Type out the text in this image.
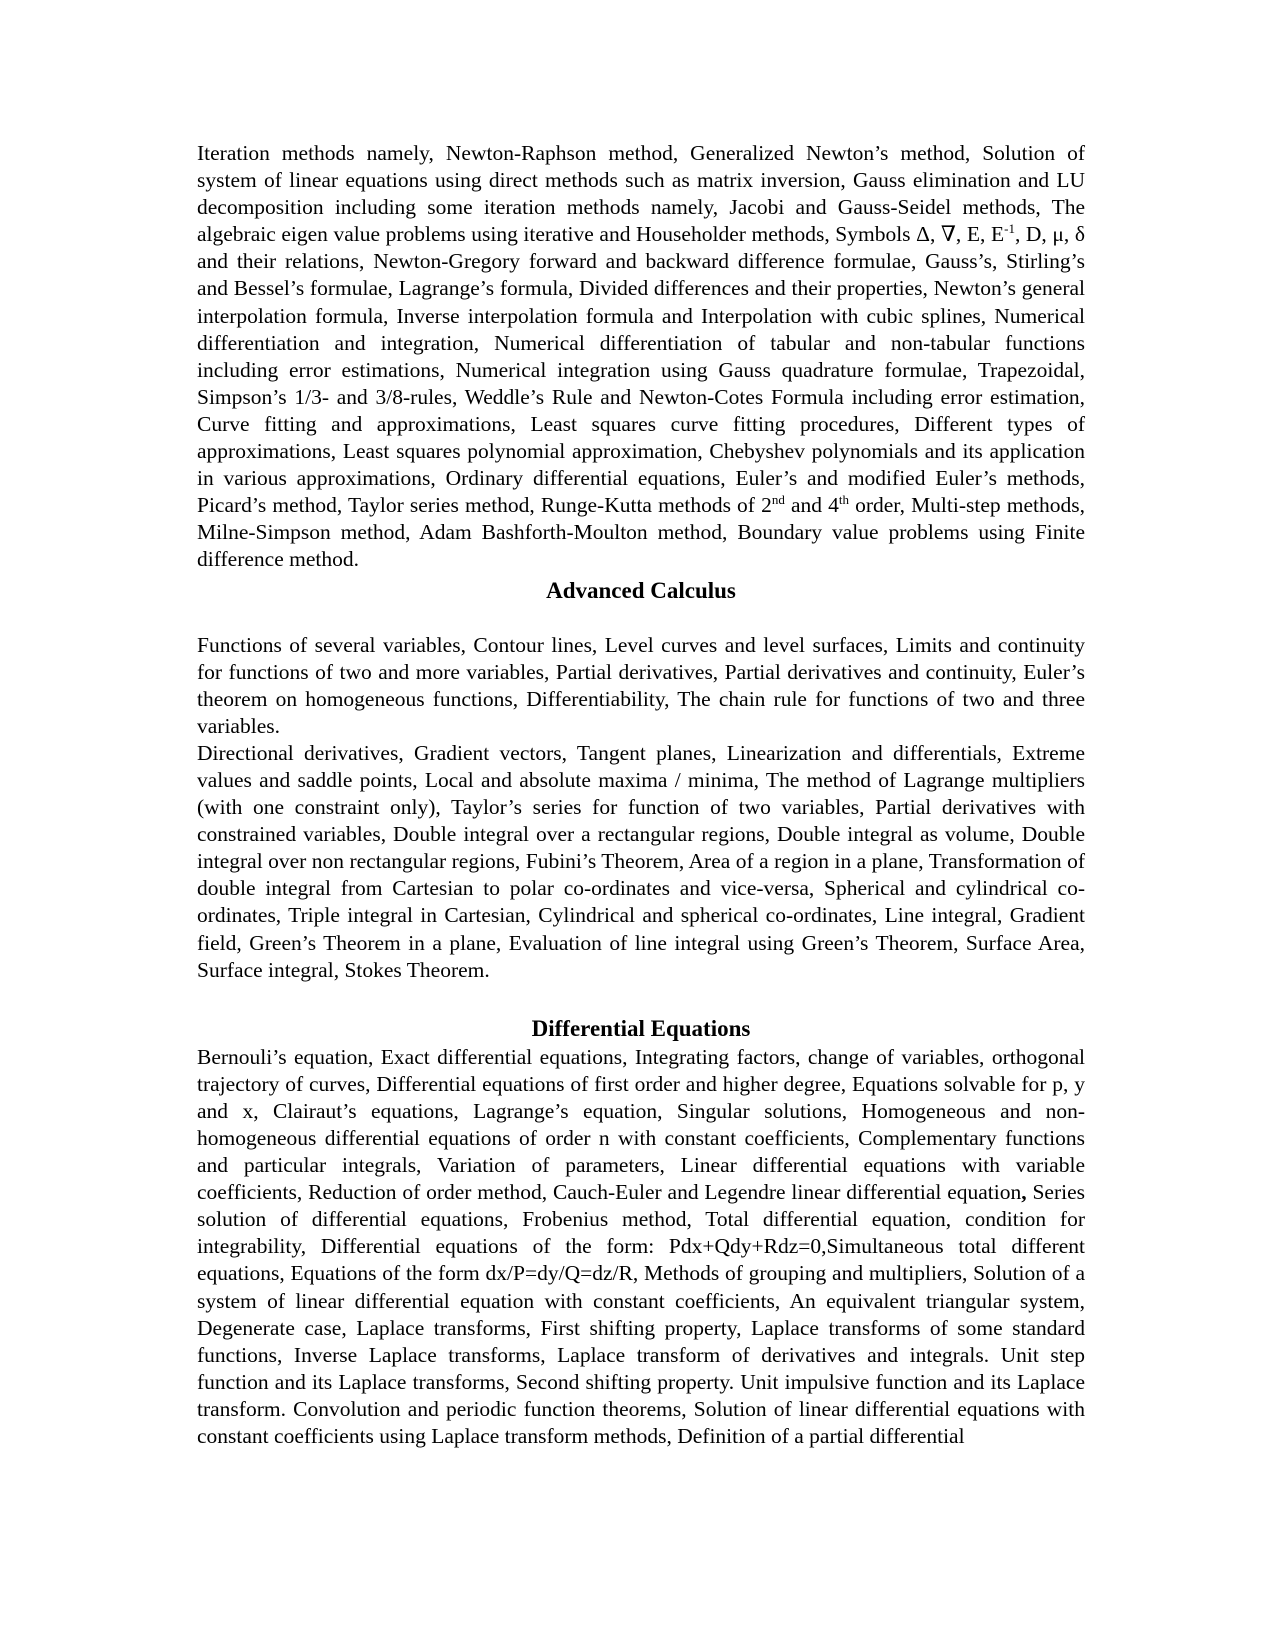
Iteration methods namely, Newton-Raphson method, Generalized Newton’s method, Solution of system of linear equations using direct methods such as matrix inversion, Gauss elimination and LU decomposition including some iteration methods namely, Jacobi and Gauss-Seidel methods, The algebraic eigen value problems using iterative and Householder methods, Symbols Δ, ∇, E, $E^{-1}$, D, μ, δ and their relations, Newton-Gregory forward and backward difference formulae, Gauss’s, Stirling’s and Bessel’s formulae, Lagrange’s formula, Divided differences and their properties, Newton’s general interpolation formula, Inverse interpolation formula and Interpolation with cubic splines, Numerical differentiation and integration, Numerical differentiation of tabular and non-tabular functions including error estimations, Numerical integration using Gauss quadrature formulae, Trapezoidal, Simpson’s 1/3- and 3/8-rules, Weddle’s Rule and Newton-Cotes Formula including error estimation, Curve fitting and approximations, Least squares curve fitting procedures, Different types of approximations, Least squares polynomial approximation, Chebyshev polynomials and its application in various approximations, Ordinary differential equations, Euler’s and modified Euler’s methods, Picard’s method, Taylor series method, Runge-Kutta methods of 2nd and 4th order, Multi-step methods, Milne-Simpson method, Adam Bashforth-Moulton method, Boundary value problems using Finite difference method.

Advanced Calculus

Functions of several variables, Contour lines, Level curves and level surfaces, Limits and continuity for functions of two and more variables, Partial derivatives, Partial derivatives and continuity, Euler’s theorem on homogeneous functions, Differentiability, The chain rule for functions of two and three variables.

Directional derivatives, Gradient vectors, Tangent planes, Linearization and differentials, Extreme values and saddle points, Local and absolute maxima / minima, The method of Lagrange multipliers (with one constraint only), Taylor’s series for function of two variables, Partial derivatives with constrained variables, Double integral over a rectangular regions, Double integral as volume, Double integral over non rectangular regions, Fubini’s Theorem, Area of a region in a plane, Transformation of double integral from Cartesian to polar co-ordinates and vice-versa, Spherical and cylindrical co-ordinates, Triple integral in Cartesian, Cylindrical and spherical co-ordinates, Line integral, Gradient field, Green’s Theorem in a plane, Evaluation of line integral using Green’s Theorem, Surface Area, Surface integral, Stokes Theorem.

Differential Equations

Bernouli’s equation, Exact differential equations, Integrating factors, change of variables, orthogonal trajectory of curves, Differential equations of first order and higher degree, Equations solvable for p, y and x, Clairaut’s equations, Lagrange’s equation, Singular solutions, Homogeneous and non-homogeneous differential equations of order n with constant coefficients, Complementary functions and particular integrals, Variation of parameters, Linear differential equations with variable coefficients, Reduction of order method, Cauch-Euler and Legendre linear differential equation, Series solution of differential equations, Frobenius method, Total differential equation, condition for integrability, Differential equations of the form: Pdx+Qdy+Rdz=0,Simultaneous total different equations, Equations of the form dx/P=dy/Q=dz/R, Methods of grouping and multipliers, Solution of a system of linear differential equation with constant coefficients, An equivalent triangular system, Degenerate case, Laplace transforms, First shifting property, Laplace transforms of some standard functions, Inverse Laplace transforms, Laplace transform of derivatives and integrals. Unit step function and its Laplace transforms, Second shifting property. Unit impulsive function and its Laplace transform. Convolution and periodic function theorems, Solution of linear differential equations with constant coefficients using Laplace transform methods, Definition of a partial differential
